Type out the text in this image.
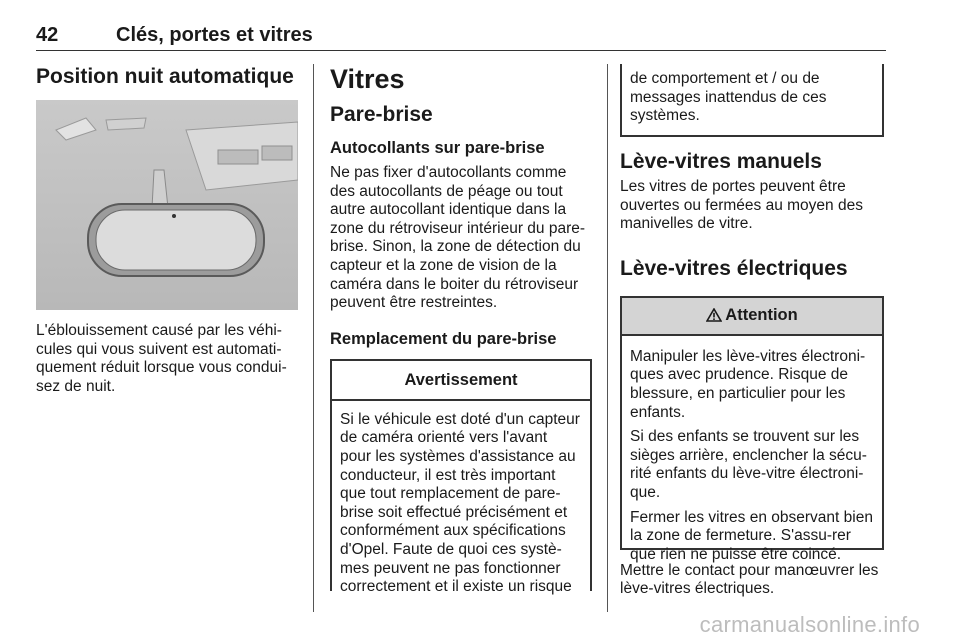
42	Clés, portes et vitres
Position nuit automatique

L'éblouissement causé par les véhi-cules qui vous suivent est automati-quement réduit lorsque vous condui-sez de nuit.

Vitres
Pare-brise
Autocollants sur pare-brise

Ne pas fixer d'autocollants comme des autocollants de péage ou tout autre autocollant identique dans la zone du rétroviseur intérieur du pare-brise. Sinon, la zone de détection du capteur et la zone de vision de la caméra dans le boiter du rétroviseur peuvent être restreintes.

Remplacement du pare-brise
Avertissement
Si le véhicule est doté d'un capteur de caméra orienté vers l'avant pour les systèmes d'assistance au conducteur, il est très important que tout remplacement de pare-brise soit effectué précisément et conformément aux spécifications d'Opel. Faute de quoi ces systè-mes peuvent ne pas fonctionner correctement et il existe un risque
de comportement et / ou de messages inattendus de ces systèmes.
Lève-vitres manuels

Les vitres de portes peuvent être ouvertes ou fermées au moyen des manivelles de vitre.

Lève-vitres électriques
Attention

Manipuler les lève-vitres électroni-ques avec prudence. Risque de blessure, en particulier pour les enfants.

Si des enfants se trouvent sur les sièges arrière, enclencher la sécu-rité enfants du lève-vitre électroni-que.

Fermer les vitres en observant bien la zone de fermeture. S'assu-rer que rien ne puisse être coincé.

Mettre le contact pour manœuvrer les lève-vitres électriques.

carmanualsonline.info
